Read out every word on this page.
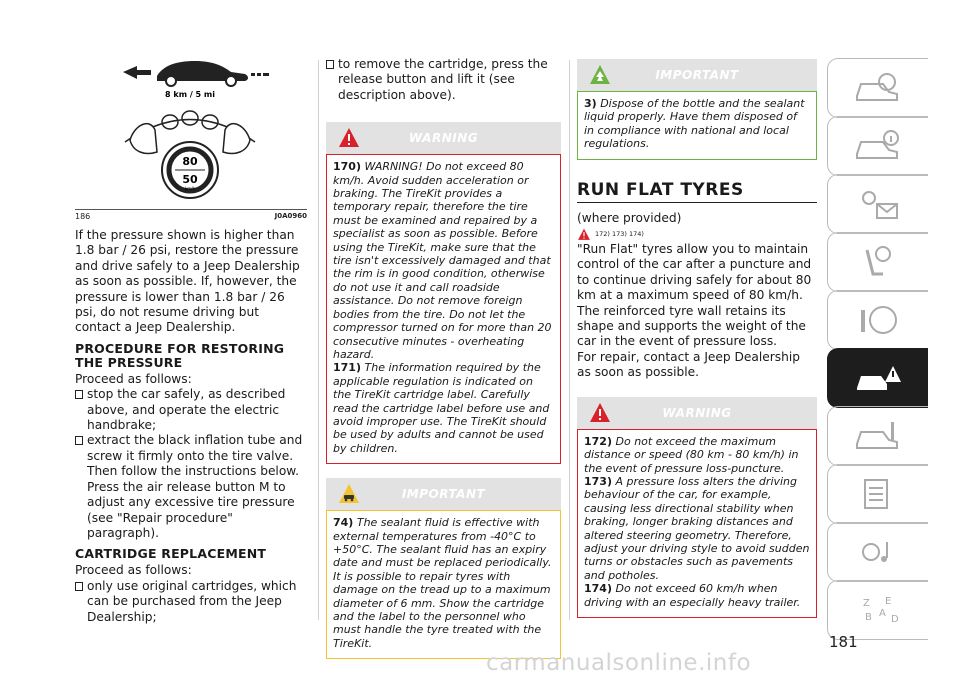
8 km / 5 mi
80
50
km/h
186	J0A0960

If the pressure shown is higher than 1.8 bar / 26 psi, restore the pressure and drive safely to a Jeep Dealership as soon as possible. If, however, the pressure is lower than 1.8 bar / 26 psi, do not resume driving but contact a Jeep Dealership.

PROCEDURE FOR RESTORING THE PRESSURE

Proceed as follows:

stop the car safely, as described above, and operate the electric handbrake;
extract the black inflation tube and screw it firmly onto the tire valve. Then follow the instructions below. Press the air release button M to adjust any excessive tire pressure (see "Repair procedure" paragraph).
CARTRIDGE REPLACEMENT

Proceed as follows:

only use original cartridges, which can be purchased from the Jeep Dealership;
to remove the cartridge, press the release button and lift it (see description above).
WARNING
170) WARNING! Do not exceed 80 km/h. Avoid sudden acceleration or braking. The TireKit provides a temporary repair, therefore the tire must be examined and repaired by a specialist as soon as possible. Before using the TireKit, make sure that the tire isn't excessively damaged and that the rim is in good condition, otherwise do not use it and call roadside assistance. Do not remove foreign bodies from the tire. Do not let the compressor turned on for more than 20 consecutive minutes - overheating hazard.
171) The information required by the applicable regulation is indicated on the TireKit cartridge label. Carefully read the cartridge label before use and avoid improper use. The TireKit should be used by adults and cannot be used by children.
IMPORTANT
74) The sealant fluid is effective with external temperatures from -40°C to +50°C. The sealant fluid has an expiry date and must be replaced periodically. It is possible to repair tyres with damage on the tread up to a maximum diameter of 6 mm. Show the cartridge and the label to the personnel who must handle the tyre treated with the TireKit.
IMPORTANT
3) Dispose of the bottle and the sealant liquid properly. Have them disposed of in compliance with national and local regulations.
RUN FLAT TYRES

(where provided)

172) 173) 174)

"Run Flat" tyres allow you to maintain control of the car after a puncture and to continue driving safely for about 80 km at a maximum speed of 80 km/h.

The reinforced tyre wall retains its shape and supports the weight of the car in the event of pressure loss.

For repair, contact a Jeep Dealership as soon as possible.

WARNING
172) Do not exceed the maximum distance or speed (80 km - 80 km/h) in the event of pressure loss-puncture.
173) A pressure loss alters the driving behaviour of the car, for example, causing less directional stability when braking, longer braking distances and altered steering geometry. Therefore, adjust your driving style to avoid sudden turns or obstacles such as pavements and potholes.
174) Do not exceed 60 km/h when driving with an especially heavy trailer.	Z E
B A
D
181
carmanualsonline.info
